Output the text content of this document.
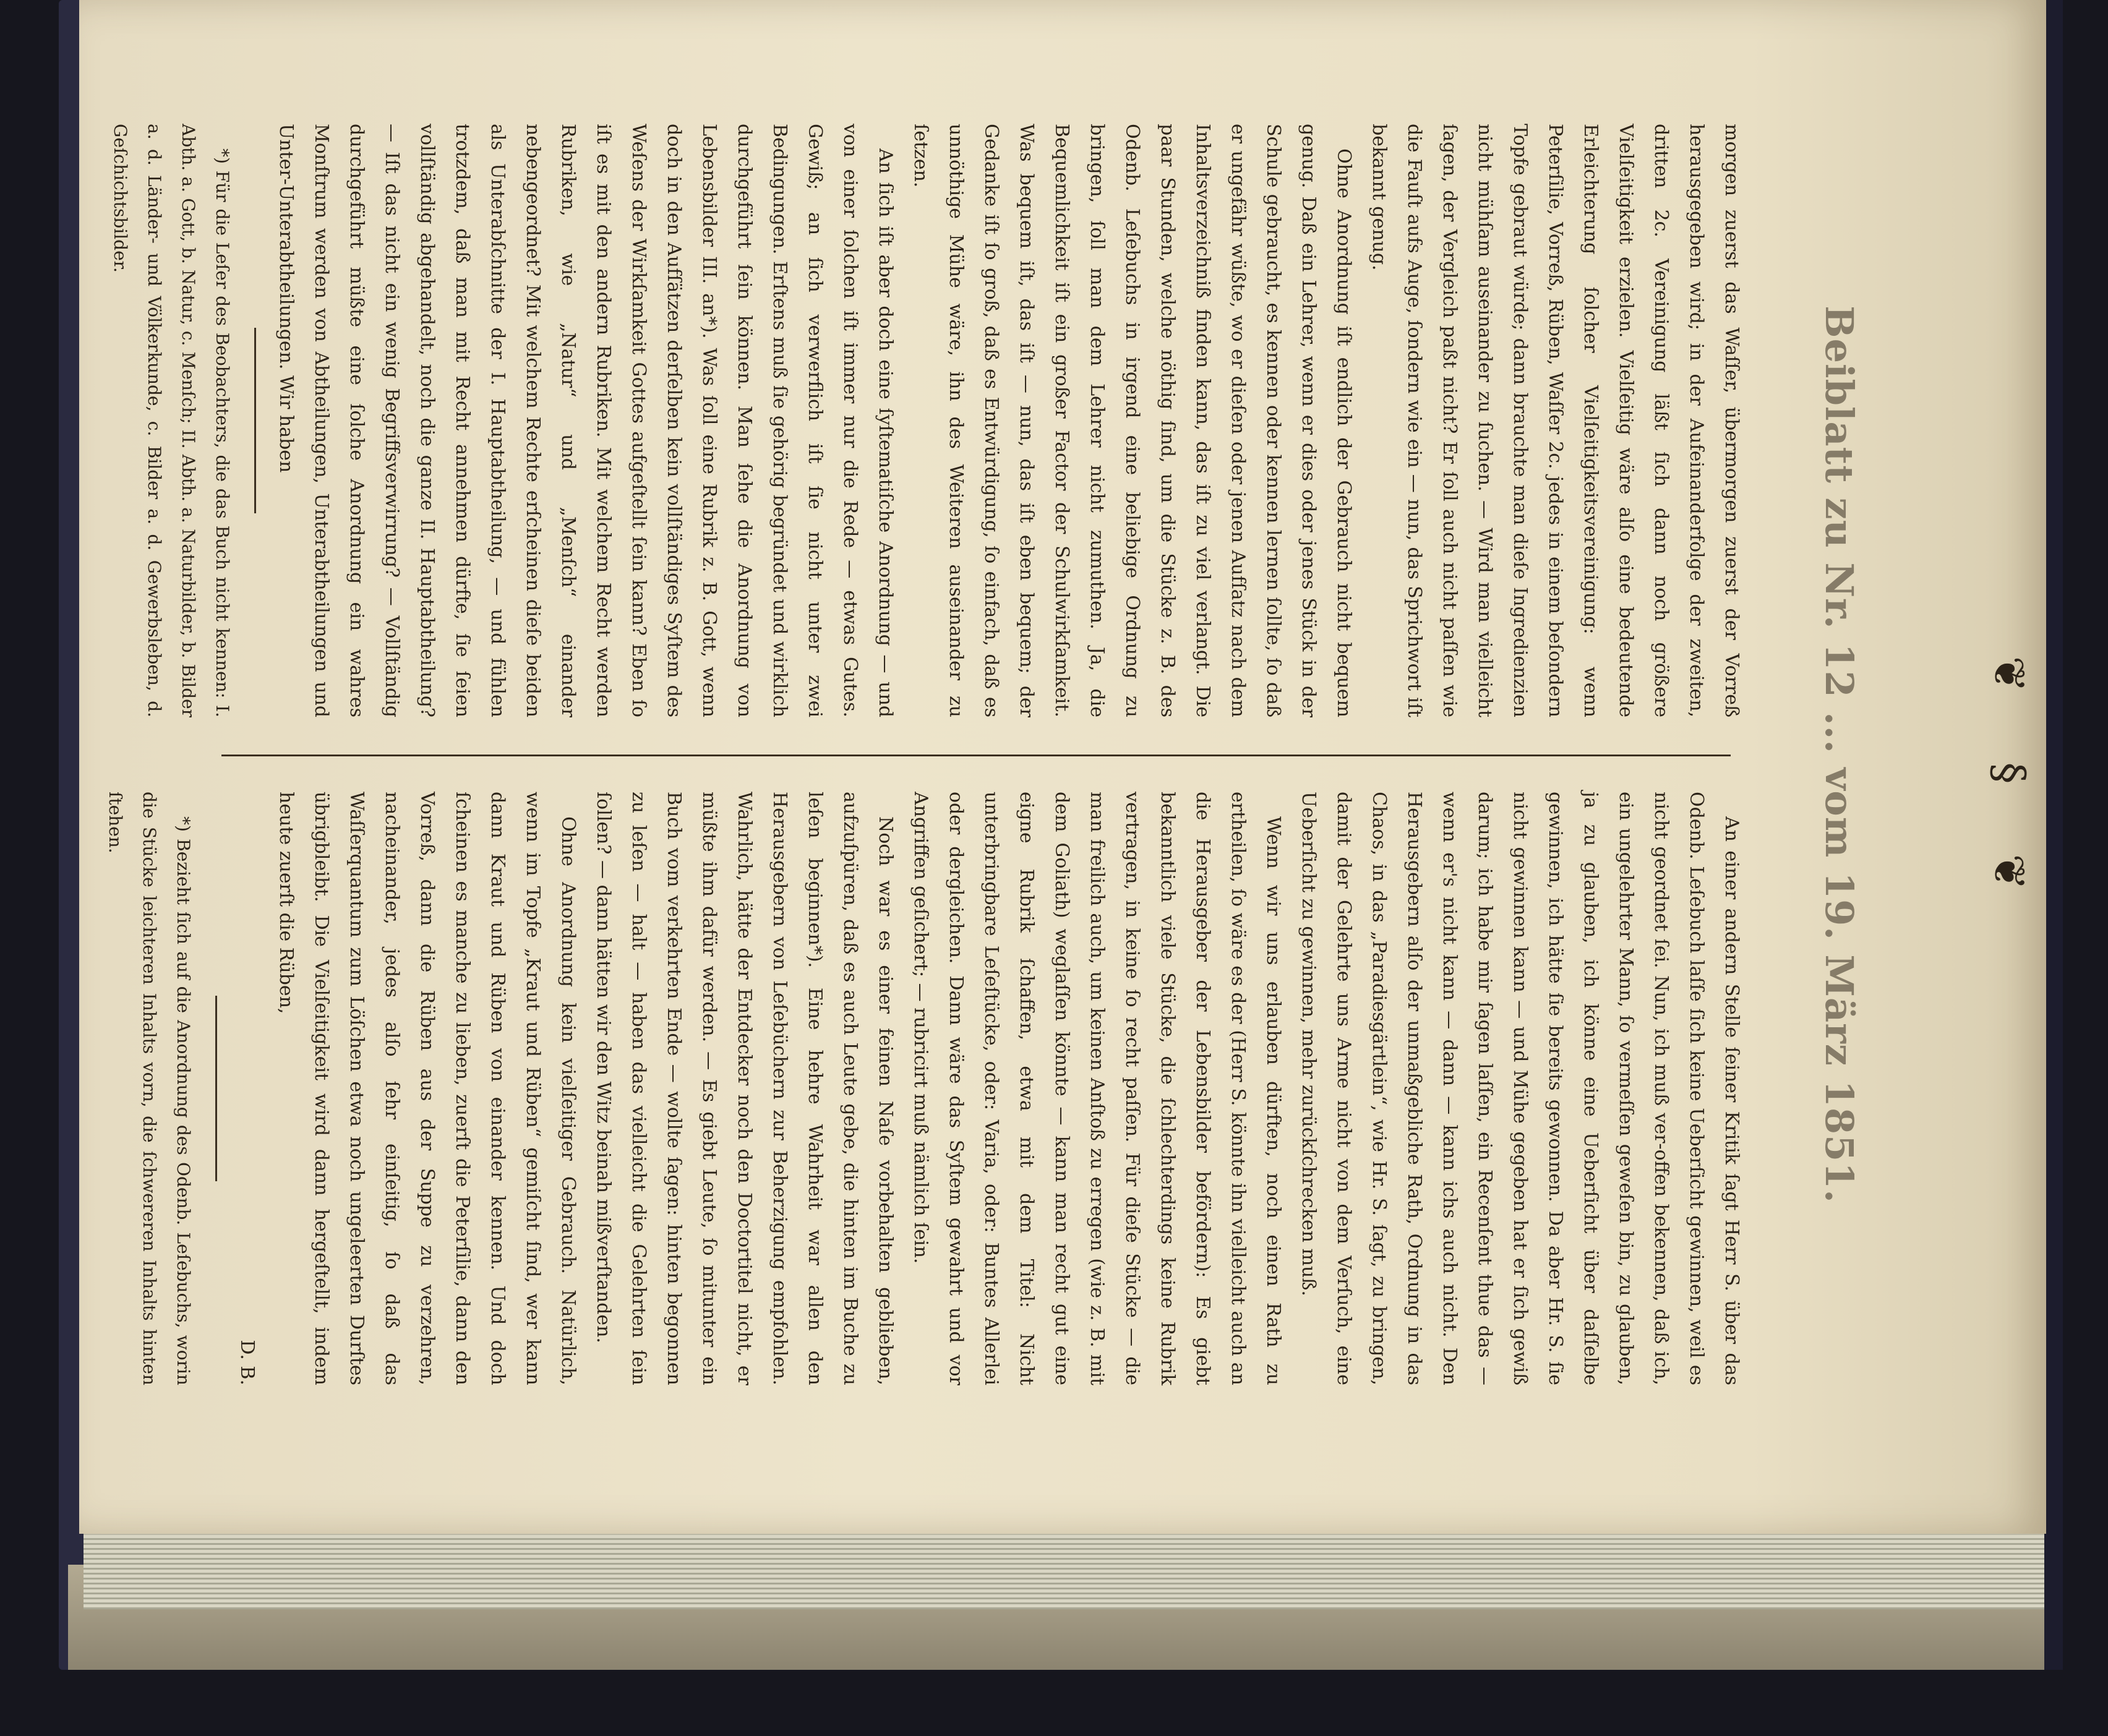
Beiblatt zu Nr. 12 ... vom 19. März 1851.

morgen zuerst das Waſſer, übermorgen zuerst der Vorreß herausgegeben wird; in der Aufeinanderfolge der zweiten, dritten 2c. Vereinigung läßt ſich dann noch größere Vielſeitigkeit erzielen. Vielſeitig wäre alſo eine bedeutende Erleichterung ſolcher Vielſeitigkeitsvereinigung: wenn Peterſilie, Vorreß, Rüben, Waſſer 2c. jedes in einem beſondern Topfe gebraut würde; dann brauchte man dieſe Ingredienzien nicht mühſam auseinander zu ſuchen. — Wird man vielleicht ſagen, der Vergleich paßt nicht? Er ſoll auch nicht paſſen wie die Fauſt aufs Auge, ſondern wie ein — nun, das Sprichwort iſt bekannt genug.

Ohne Anordnung iſt endlich der Gebrauch nicht bequem genug. Daß ein Lehrer, wenn er dies oder jenes Stück in der Schule gebraucht, es kennen oder kennen lernen ſollte, ſo daß er ungefähr wüßte, wo er dieſen oder jenen Aufſatz nach dem Inhaltsverzeichniß finden kann, das iſt zu viel verlangt. Die paar Stunden, welche nöthig ſind, um die Stücke z. B. des Odenb. Leſebuchs in irgend eine beliebige Ordnung zu bringen, ſoll man dem Lehrer nicht zumuthen. Ja, die Bequemlichkeit iſt ein großer Factor der Schulwirkſamkeit. Was bequem iſt, das iſt — nun, das iſt eben bequem; der Gedanke iſt ſo groß, daß es Entwürdigung, ſo einfach, daß es unnöthige Mühe wäre, ihn des Weiteren auseinander zu ſetzen.

An ſich iſt aber doch eine ſyſtematiſche Anordnung — und von einer ſolchen iſt immer nur die Rede — etwas Gutes. Gewiß; an ſich verwerflich iſt ſie nicht unter zwei Bedingungen. Erſtens muß ſie gehörig begründet und wirklich durchgeführt ſein können. Man ſehe die Anordnung von Lebensbilder III. an*). Was ſoll eine Rubrik z. B. Gott, wenn doch in den Aufſätzen derſelben kein vollſtändiges Syſtem des Weſens der Wirkſamkeit Gottes aufgeſtellt ſein kann? Eben ſo iſt es mit den andern Rubriken. Mit welchem Recht werden Rubriken, wie „Natur“ und „Menſch“ einander nebengeordnet? Mit welchem Rechte erſcheinen dieſe beiden als Unterabſchnitte der I. Hauptabtheilung, — und fühlen trotzdem, daß man mit Recht annehmen dürfte, ſie ſeien vollſtändig abgehandelt, noch die ganze II. Hauptabtheilung? — Iſt das nicht ein wenig Begriffsverwirrung? — Vollſtändig durchgeführt müßte eine ſolche Anordnung ein wahres Monſtrum werden von Abtheilungen, Unterabtheilungen und Unter-Unterabtheilungen. Wir haben

*) Für die Leſer des Beobachters, die das Buch nicht kennen: I. Abth. a. Gott, b. Natur, c. Menſch; II. Abth. a. Naturbilder, b. Bilder a. d. Länder- und Völkerkunde, c. Bilder a. d. Gewerbsleben, d. Geſchichtsbilder.

An einer andern Stelle ſeiner Kritik ſagt Herr S. über das Odenb. Leſebuch laſſe ſich keine Ueberſicht gewinnen, weil es nicht geordnet ſei. Nun, ich muß ver-offen bekennen, daß ich, ein ungelehrter Mann, ſo vermeſſen geweſen bin, zu glauben, ja zu glauben, ich könne eine Ueberſicht über daſſelbe gewinnen, ich hätte ſie bereits gewonnen. Da aber Hr. S. ſie nicht gewinnen kann — und Mühe gegeben hat er ſich gewiß darum; ich habe mir ſagen laſſen, ein Recenſent thue das — wenn er's nicht kann — dann — kann ichs auch nicht. Den Herausgebern alſo der unmaßgebliche Rath, Ordnung in das Chaos, in das „Paradiesgärtlein“, wie Hr. S. ſagt, zu bringen, damit der Gelehrte uns Arme nicht von dem Verſuch, eine Ueberſicht zu gewinnen, mehr zurückſchrecken muß.

Wenn wir uns erlauben dürften, noch einen Rath zu ertheilen, ſo wäre es der (Herr S. könnte ihn vielleicht auch an die Herausgeber der Lebensbilder befördern): Es giebt bekanntlich viele Stücke, die ſchlechterdings keine Rubrik vertragen, in keine ſo recht paſſen. Für dieſe Stücke — die man freilich auch, um keinen Anſtoß zu erregen (wie z. B. mit dem Goliath) weglaſſen könnte — kann man recht gut eine eigne Rubrik ſchaffen, etwa mit dem Titel: Nicht unterbringbare Leſeſtücke, oder: Varia, oder: Buntes Allerlei oder dergleichen. Dann wäre das Syſtem gewahrt und vor Angriffen geſichert; — rubricirt muß nämlich ſein.

Noch war es einer feinen Naſe vorbehalten geblieben, aufzuſpüren, daß es auch Leute gebe, die hinten im Buche zu leſen beginnen*). Eine hehre Wahrheit war allen den Herausgebern von Leſebüchern zur Beherzigung empfohlen. Wahrlich, hätte der Entdecker noch den Doctortitel nicht, er müßte ihm dafür werden. — Es giebt Leute, ſo mitunter ein Buch vom verkehrten Ende — wollte ſagen: hinten begonnen zu leſen — halt — haben das vielleicht die Gelehrten ſein ſollen? — dann hätten wir den Witz beinah mißverſtanden.

Ohne Anordnung kein vielſeitiger Gebrauch. Natürlich, wenn im Topfe „Kraut und Rüben“ gemiſcht ſind, wer kann dann Kraut und Rüben von einander kennen. Und doch ſcheinen es manche zu lieben, zuerſt die Peterſilie, dann den Vorreß, dann die Rüben aus der Suppe zu verzehren, nacheinander, jedes alſo ſehr einſeitig, ſo daß das Waſſerquantum zum Löſchen etwa noch ungeleerten Durſtes übrigbleibt. Die Vielſeitigkeit wird dann hergeſtellt, indem heute zuerſt die Rüben,

D. B.

*) Bezieht ſich auf die Anordnung des Odenb. Leſebuchs, worin die Stücke leichteren Inhalts vorn, die ſchwereren Inhalts hinten ſtehen.

❦
§
❦
